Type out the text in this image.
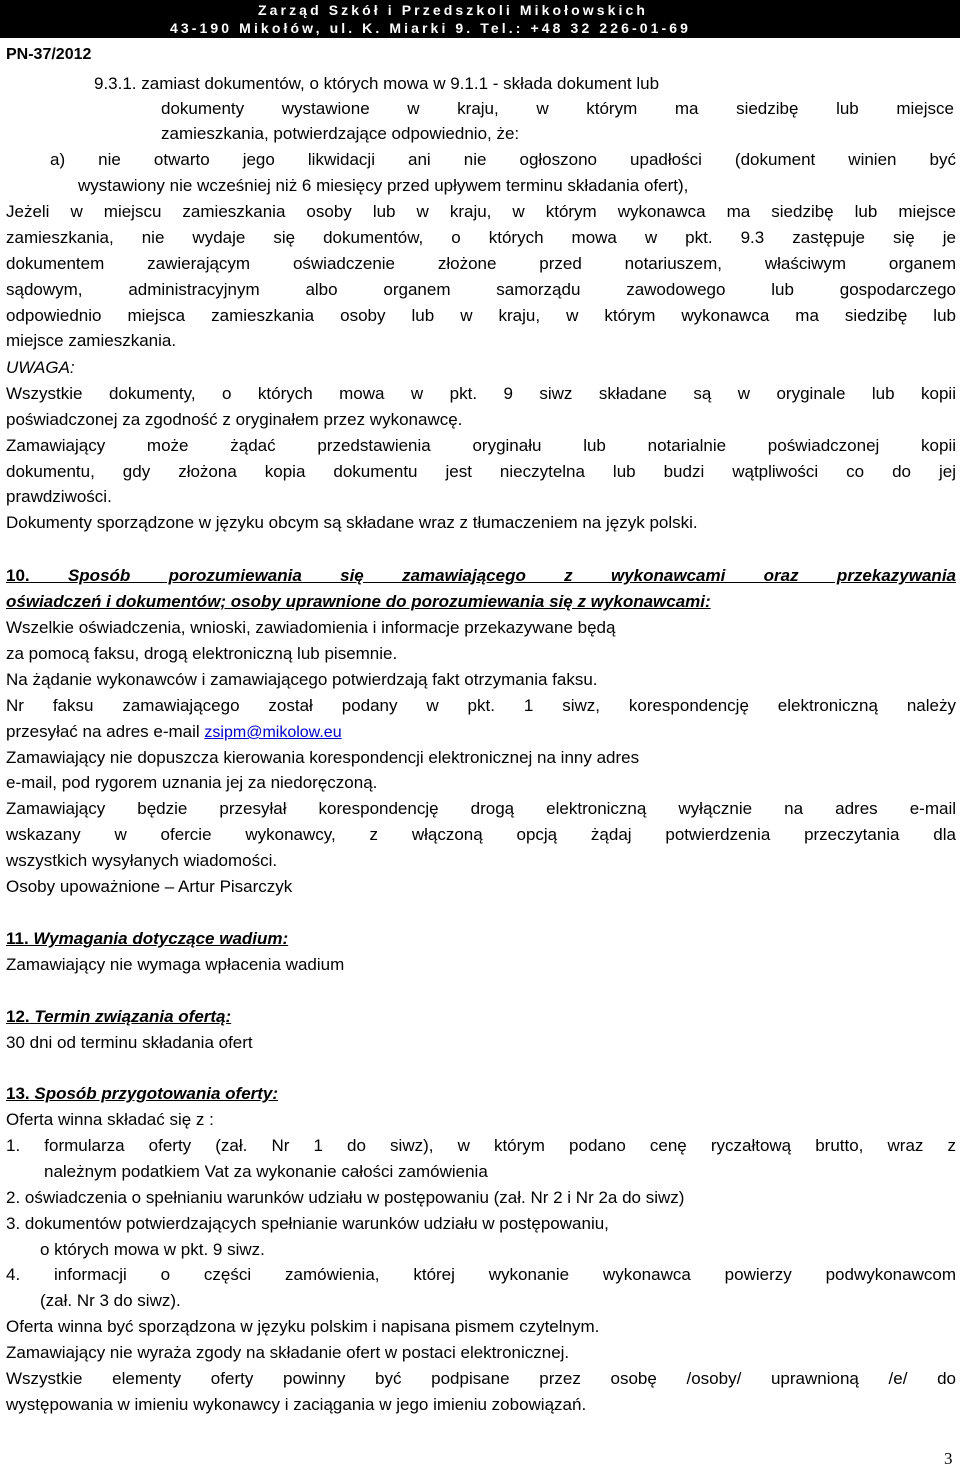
Zarząd Szkół i Przedszkoli Mikołowskich
43-190 Mikołów, ul. K. Miarki 9. Tel.: +48 32 226-01-69
PN-37/2012
9.3.1. zamiast dokumentów, o których mowa w 9.1.1 - składa dokument lub
dokumenty wystawione w kraju, w którym ma siedzibę lub miejsce
zamieszkania, potwierdzające odpowiednio, że:
a) nie otwarto jego likwidacji ani nie ogłoszono upadłości (dokument winien być
wystawiony nie wcześniej niż 6 miesięcy przed upływem terminu składania ofert),
Jeżeli w miejscu zamieszkania osoby lub w kraju, w którym wykonawca ma siedzibę lub miejsce
zamieszkania, nie wydaje się dokumentów, o których mowa w pkt. 9.3 zastępuje się je
dokumentem zawierającym oświadczenie złożone przed notariuszem, właściwym organem
sądowym, administracyjnym albo organem samorządu zawodowego lub gospodarczego
odpowiednio miejsca zamieszkania osoby lub w kraju, w którym wykonawca ma siedzibę lub
miejsce zamieszkania.
UWAGA:
Wszystkie dokumenty, o których mowa w pkt. 9 siwz składane są w oryginale lub kopii
poświadczonej za zgodność z oryginałem przez wykonawcę.
Zamawiający może żądać przedstawienia oryginału lub notarialnie poświadczonej kopii
dokumentu, gdy złożona kopia dokumentu jest nieczytelna lub budzi wątpliwości co do jej
prawdziwości.
Dokumenty sporządzone w języku obcym są składane wraz z tłumaczeniem na język polski.
10. Sposób porozumiewania się zamawiającego z wykonawcami oraz przekazywania
oświadczeń i dokumentów; osoby uprawnione do porozumiewania się z wykonawcami:
Wszelkie oświadczenia, wnioski, zawiadomienia i informacje przekazywane będą
za pomocą faksu, drogą elektroniczną lub pisemnie.
Na żądanie wykonawców i zamawiającego potwierdzają fakt otrzymania faksu.
Nr faksu zamawiającego został podany w pkt. 1 siwz, korespondencję elektroniczną należy
przesyłać na adres e-mail zsipm@mikolow.eu
Zamawiający nie dopuszcza kierowania korespondencji elektronicznej na inny adres
e-mail, pod rygorem uznania jej za niedoręczoną.
Zamawiający będzie przesyłał korespondencję drogą elektroniczną wyłącznie na adres e-mail
wskazany w ofercie wykonawcy, z włączoną opcją żądaj potwierdzenia przeczytania dla
wszystkich wysyłanych wiadomości.
Osoby upoważnione – Artur Pisarczyk
11. Wymagania dotyczące wadium:
Zamawiający nie wymaga wpłacenia wadium
12. Termin związania ofertą:
30 dni od terminu składania ofert
13. Sposób przygotowania oferty:
Oferta winna składać się z :
1. formularza oferty (zał. Nr 1 do siwz), w którym podano cenę ryczałtową brutto, wraz z
należnym podatkiem Vat za wykonanie całości zamówienia
2. oświadczenia o spełnianiu warunków udziału w postępowaniu (zał. Nr 2 i Nr 2a do siwz)
3. dokumentów potwierdzających spełnianie warunków udziału w postępowaniu,
o których mowa w pkt. 9 siwz.
4. informacji o części zamówienia, której wykonanie wykonawca powierzy podwykonawcom
(zał. Nr 3 do siwz).
Oferta winna być sporządzona w języku polskim i napisana pismem czytelnym.
Zamawiający nie wyraża zgody na składanie ofert w postaci elektronicznej.
Wszystkie elementy oferty powinny być podpisane przez osobę /osoby/ uprawnioną /e/ do
występowania w imieniu wykonawcy i zaciągania w jego imieniu zobowiązań.
3
